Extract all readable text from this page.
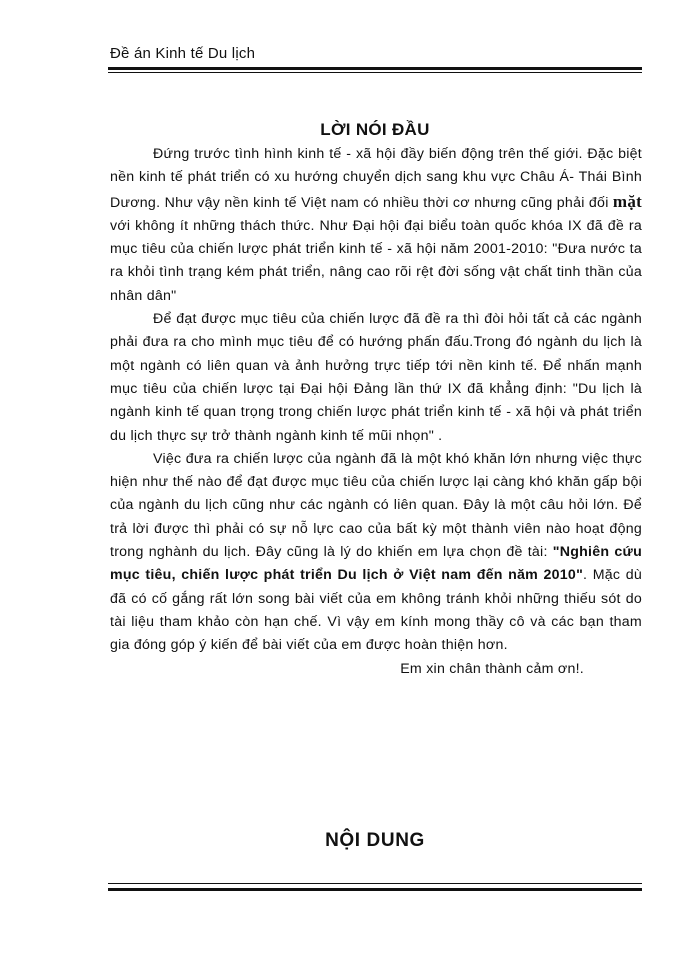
Đề án Kinh tế Du lịch
LỜI NÓI ĐẦU

Đứng trước tình hình kinh tế - xã hội đầy biến động trên thế giới. Đặc biệt nền kinh tế phát triển có xu hướng chuyển dịch sang khu vực Châu Á- Thái Bình Dương. Như vậy nền kinh tế Việt nam có nhiều thời cơ nhưng cũng phải đối mặt với không ít những thách thức. Như Đại hội đại biểu toàn quốc khóa IX đã đề ra mục tiêu của chiến lược phát triển kinh tế - xã hội năm 2001-2010: "Đưa nước ta ra khỏi tình trạng kém phát triển, nâng cao rõi rệt đời sống vật chất tinh thần của nhân dân"

Để đạt được mục tiêu của chiến lược đã đề ra thì đòi hỏi tất cả các ngành phải đưa ra cho mình mục tiêu để có hướng phấn đấu.Trong đó ngành du lịch là một ngành có liên quan và ảnh hưởng trực tiếp tới nền kinh tế. Để nhấn mạnh mục tiêu của chiến lược tại Đại hội Đảng lần thứ IX đã khẳng định: "Du lịch là ngành kinh tế quan trọng trong chiến lược phát triển kinh tế - xã hội và phát triển du lịch thực sự trở thành ngành kinh tế mũi nhọn" .

Việc đưa ra chiến lược của ngành đã là một khó khăn lớn nhưng việc thực hiện như thế nào để đạt được mục tiêu của chiến lược lại càng khó khăn gấp bội của ngành du lịch cũng như các ngành có liên quan. Đây là một câu hỏi lớn. Để trả lời được thì phải có sự nỗ lực cao của bất kỳ một thành viên nào hoạt động trong nghành du lịch. Đây cũng là lý do khiến em lựa chọn đề tài: "Nghiên cứu mục tiêu, chiến lược phát triển Du lịch ở Việt nam đến năm 2010". Mặc dù đã có cố gắng rất lớn song bài viết của em không tránh khỏi những thiếu sót do tài liệu tham khảo còn hạn chế. Vì vậy em kính mong thầy cô và các bạn tham gia đóng góp ý kiến để bài viết của em được hoàn thiện hơn.

Em xin chân thành cảm ơn!.

NỘI DUNG
